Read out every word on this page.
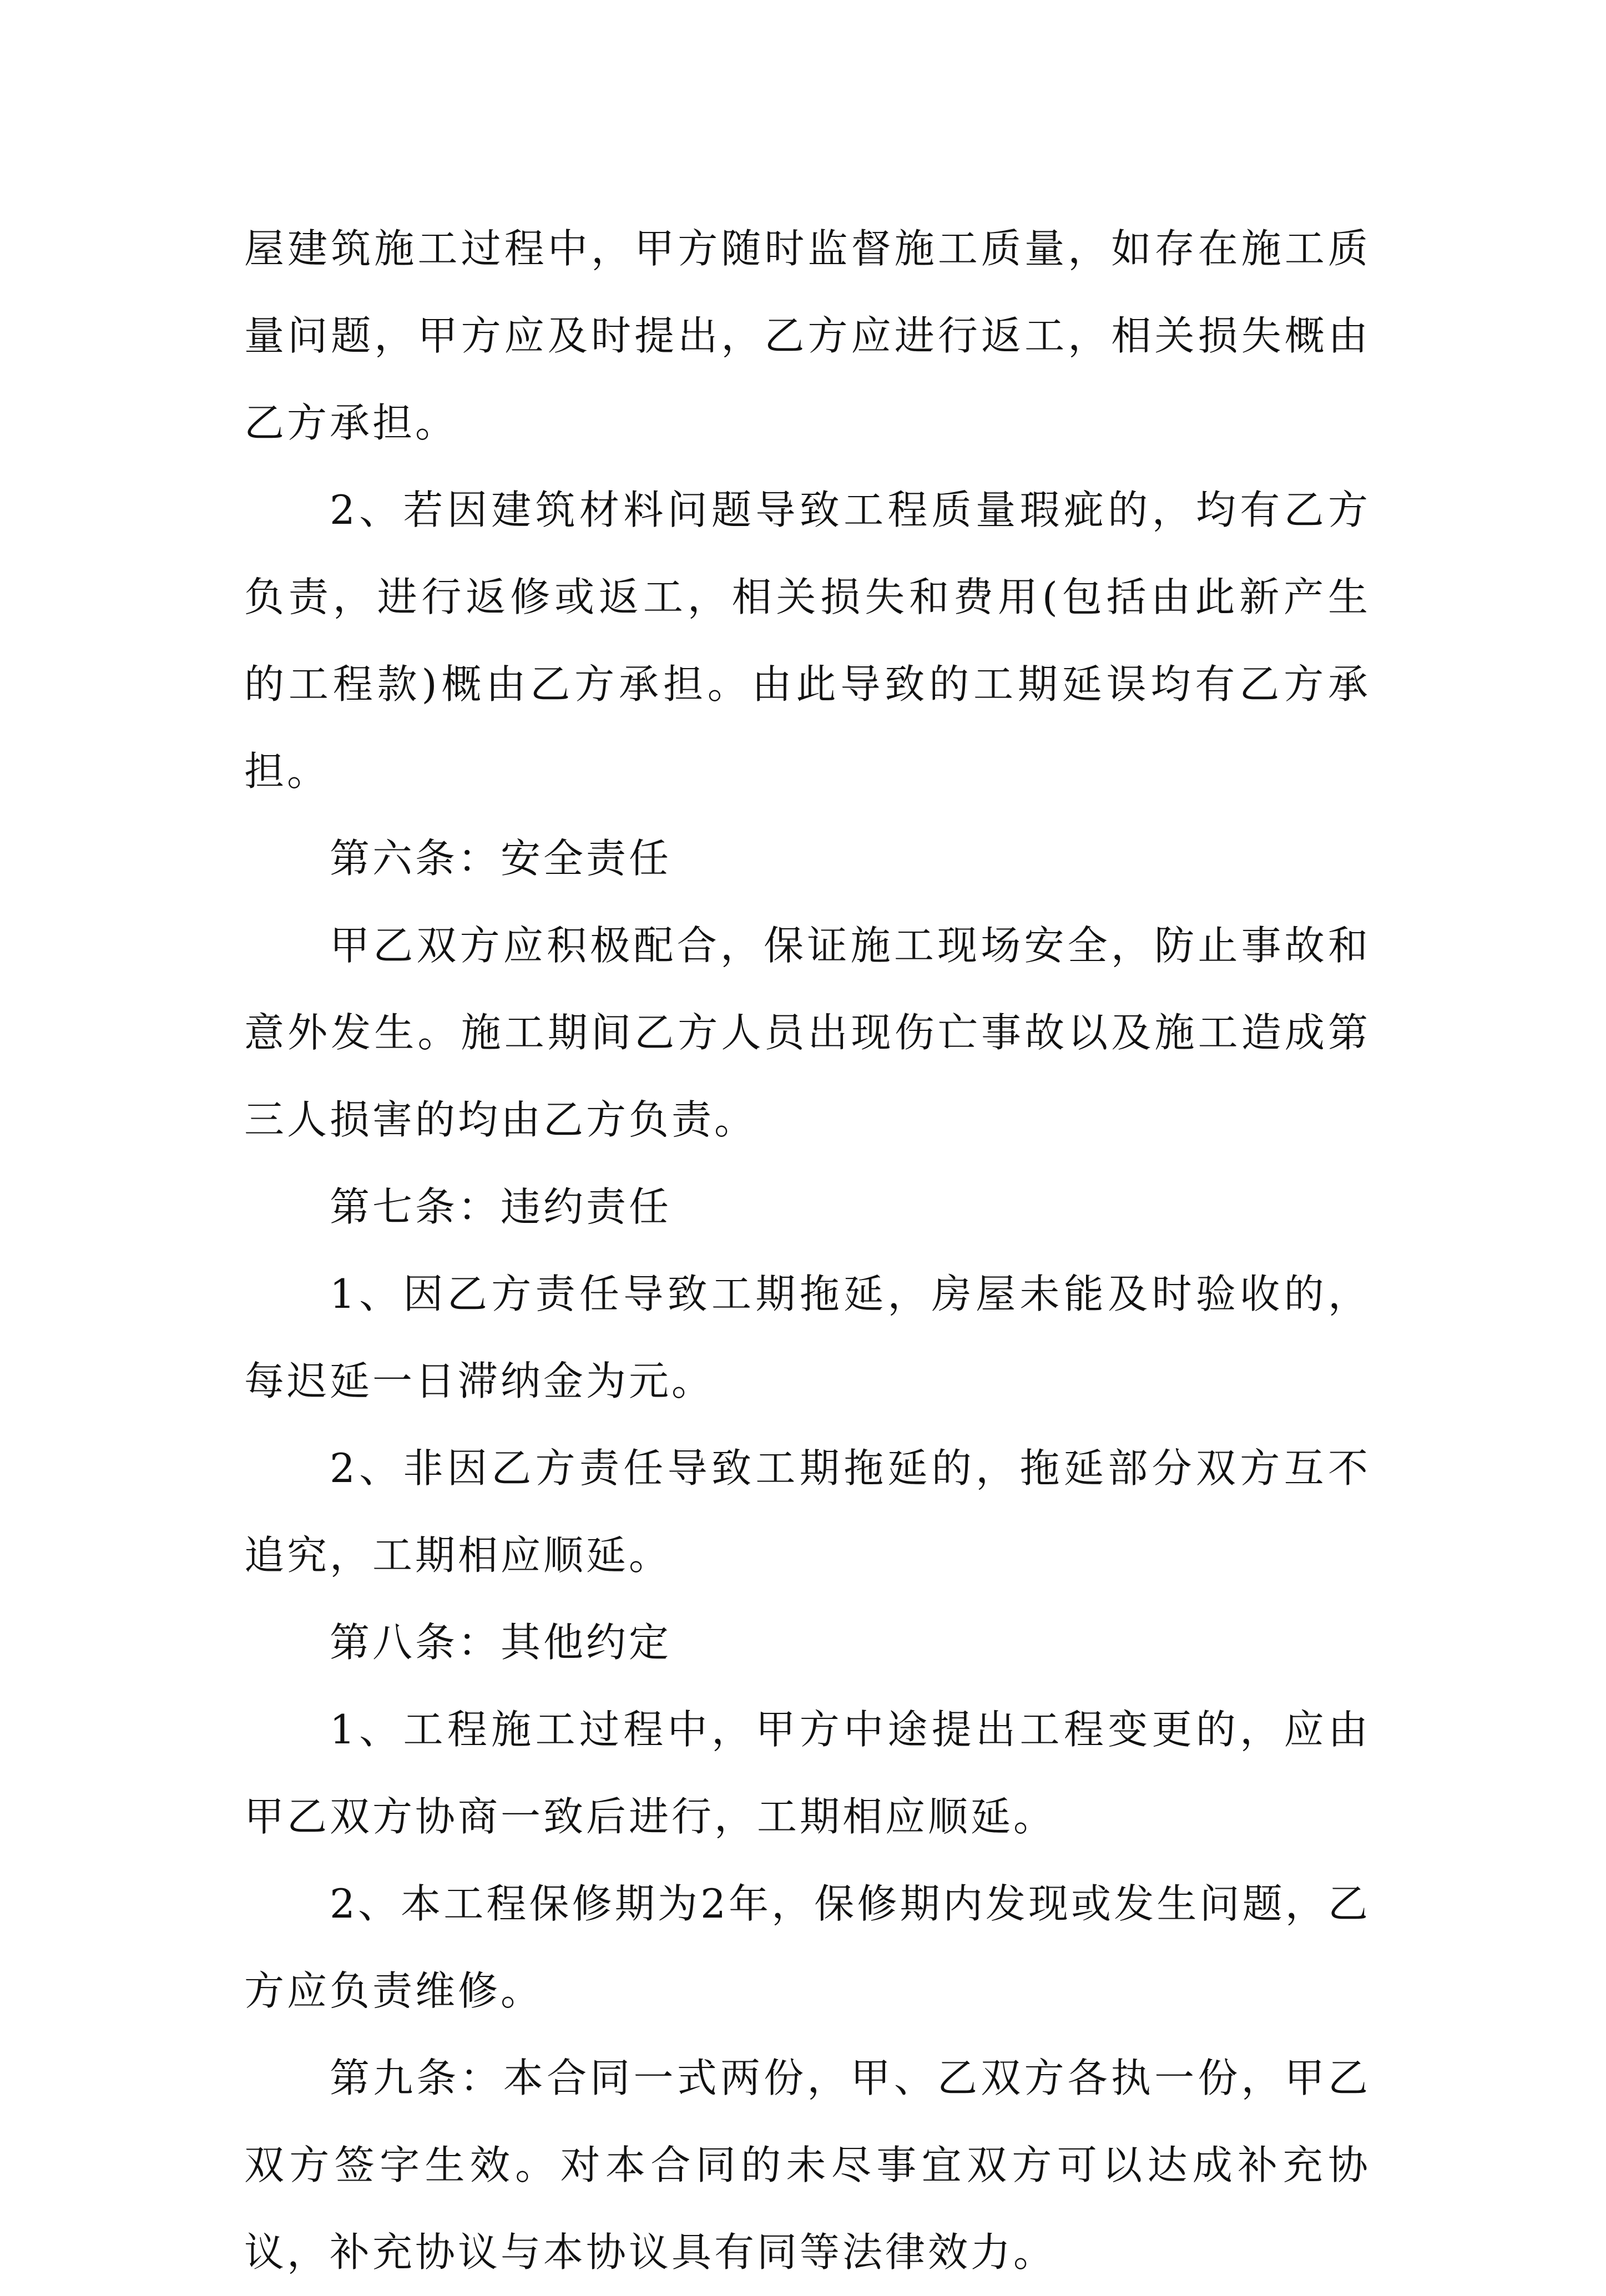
屋建筑施工过程中，甲方随时监督施工质量，如存在施工质量问题，甲方应及时提出，乙方应进行返工，相关损失概由乙方承担。

2、若因建筑材料问题导致工程质量瑕疵的，均有乙方负责，进行返修或返工，相关损失和费用(包括由此新产生的工程款)概由乙方承担。由此导致的工期延误均有乙方承担。

第六条：安全责任

甲乙双方应积极配合，保证施工现场安全，防止事故和意外发生。施工期间乙方人员出现伤亡事故以及施工造成第三人损害的均由乙方负责。

第七条：违约责任

1、因乙方责任导致工期拖延，房屋未能及时验收的，每迟延一日滞纳金为元。

2、非因乙方责任导致工期拖延的，拖延部分双方互不追究，工期相应顺延。

第八条：其他约定

1、工程施工过程中，甲方中途提出工程变更的，应由甲乙双方协商一致后进行，工期相应顺延。

2、本工程保修期为2年，保修期内发现或发生问题，乙方应负责维修。

第九条：本合同一式两份，甲、乙双方各执一份，甲乙双方签字生效。对本合同的未尽事宜双方可以达成补充协议，补充协议与本协议具有同等法律效力。
